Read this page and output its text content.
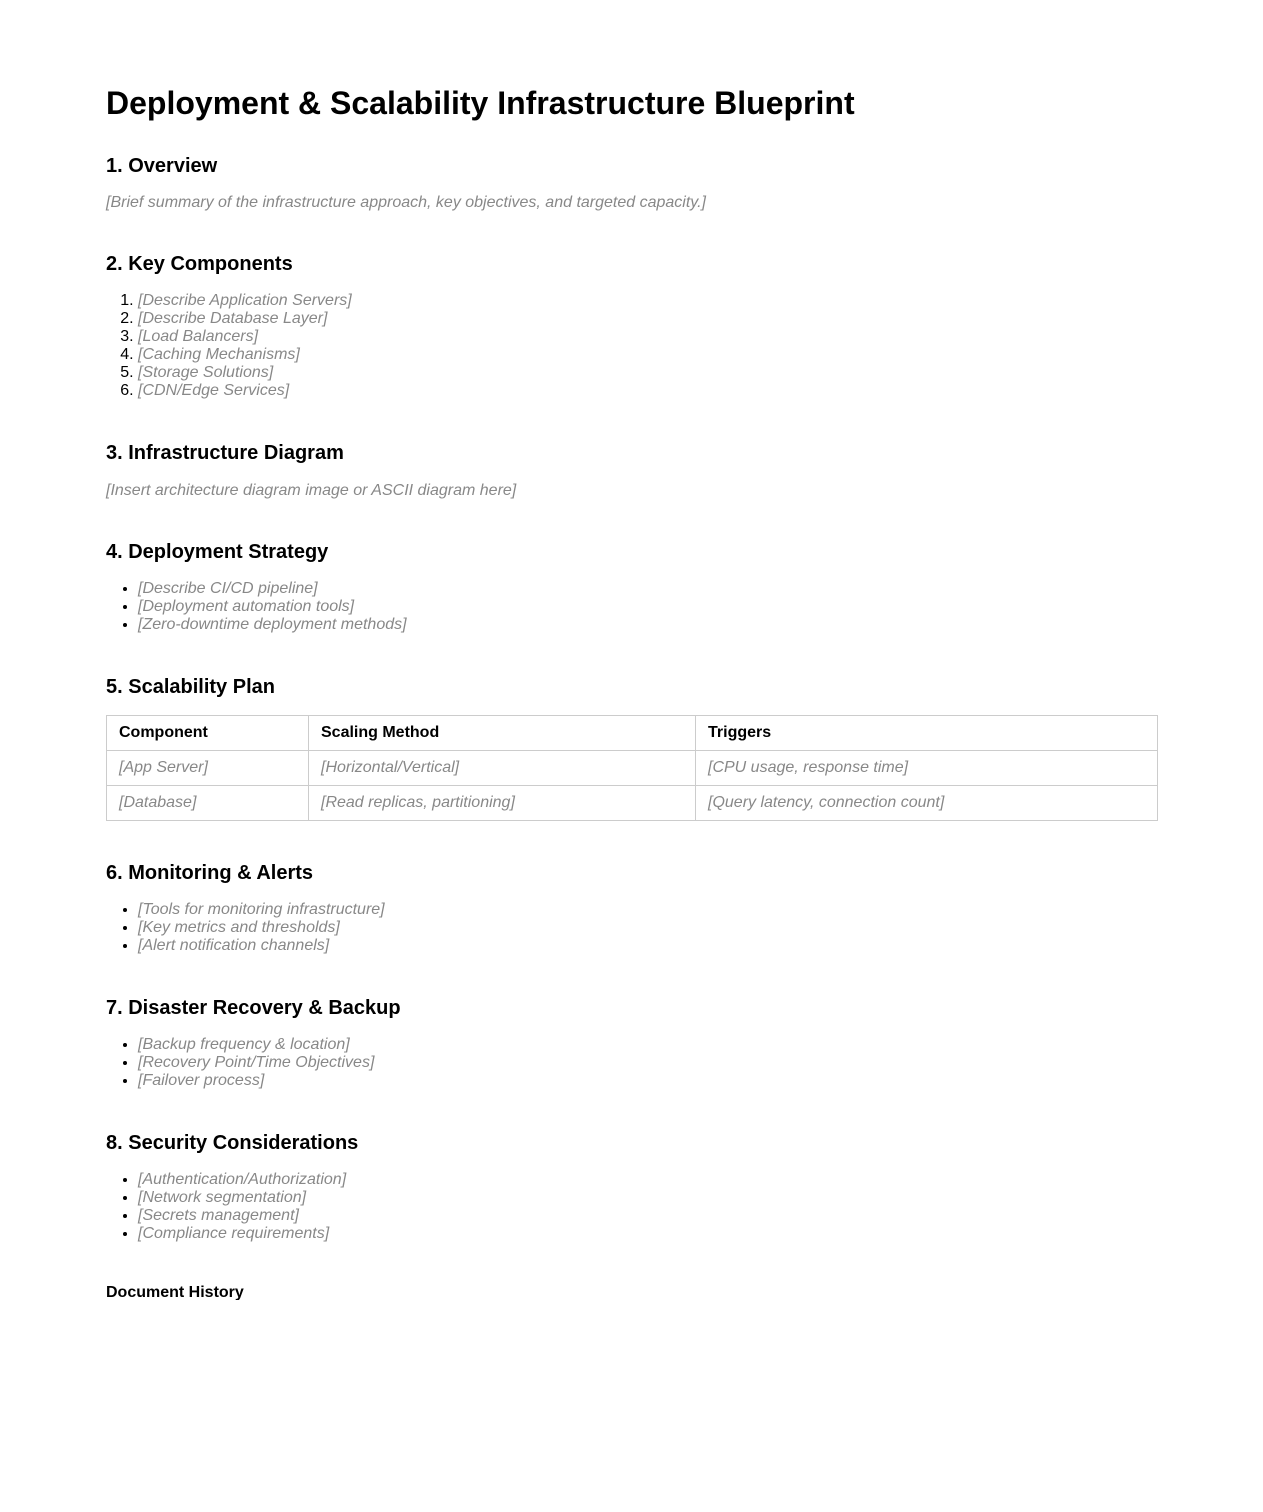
Deployment & Scalability Infrastructure Blueprint
1. Overview

[Brief summary of the infrastructure approach, key objectives, and targeted capacity.]

2. Key Components
1. [Describe Application Servers]
2. [Describe Database Layer]
3. [Load Balancers]
4. [Caching Mechanisms]
5. [Storage Solutions]
6. [CDN/Edge Services]
3. Infrastructure Diagram

[Insert architecture diagram image or ASCII diagram here]

4. Deployment Strategy
• [Describe CI/CD pipeline]
• [Deployment automation tools]
• [Zero-downtime deployment methods]
5. Scalability Plan
Component	Scaling Method	Triggers
[App Server]	[Horizontal/Vertical]	[CPU usage, response time]
[Database]	[Read replicas, partitioning]	[Query latency, connection count]
6. Monitoring & Alerts
• [Tools for monitoring infrastructure]
• [Key metrics and thresholds]
• [Alert notification channels]
7. Disaster Recovery & Backup
• [Backup frequency & location]
• [Recovery Point/Time Objectives]
• [Failover process]
8. Security Considerations
• [Authentication/Authorization]
• [Network segmentation]
• [Secrets management]
• [Compliance requirements]
Document History
